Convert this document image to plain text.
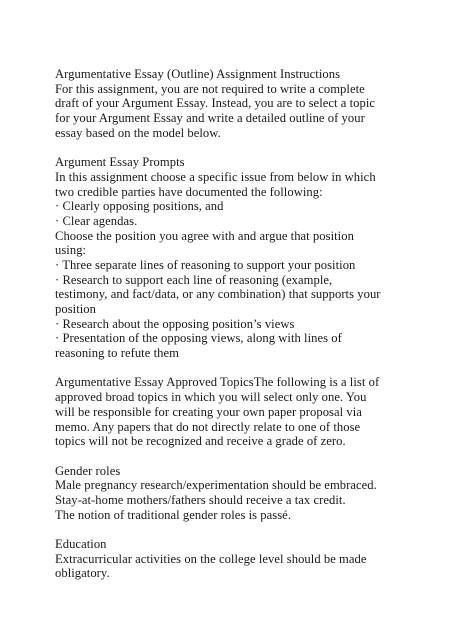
Argumentative Essay (Outline) Assignment Instructions
For this assignment, you are not required to write a complete
draft of your Argument Essay. Instead, you are to select a topic
for your Argument Essay and write a detailed outline of your
essay based on the model below.
Argument Essay Prompts
In this assignment choose a specific issue from below in which
two credible parties have documented the following:
· Clearly opposing positions, and
· Clear agendas.
Choose the position you agree with and argue that position
using:
· Three separate lines of reasoning to support your position
· Research to support each line of reasoning (example,
testimony, and fact/data, or any combination) that supports your
position
· Research about the opposing position’s views
· Presentation of the opposing views, along with lines of
reasoning to refute them
Argumentative Essay Approved TopicsThe following is a list of
approved broad topics in which you will select only one. You
will be responsible for creating your own paper proposal via
memo. Any papers that do not directly relate to one of those
topics will not be recognized and receive a grade of zero.
Gender roles
Male pregnancy research/experimentation should be embraced.
Stay-at-home mothers/fathers should receive a tax credit.
The notion of traditional gender roles is passé.
Education
Extracurricular activities on the college level should be made
obligatory.
